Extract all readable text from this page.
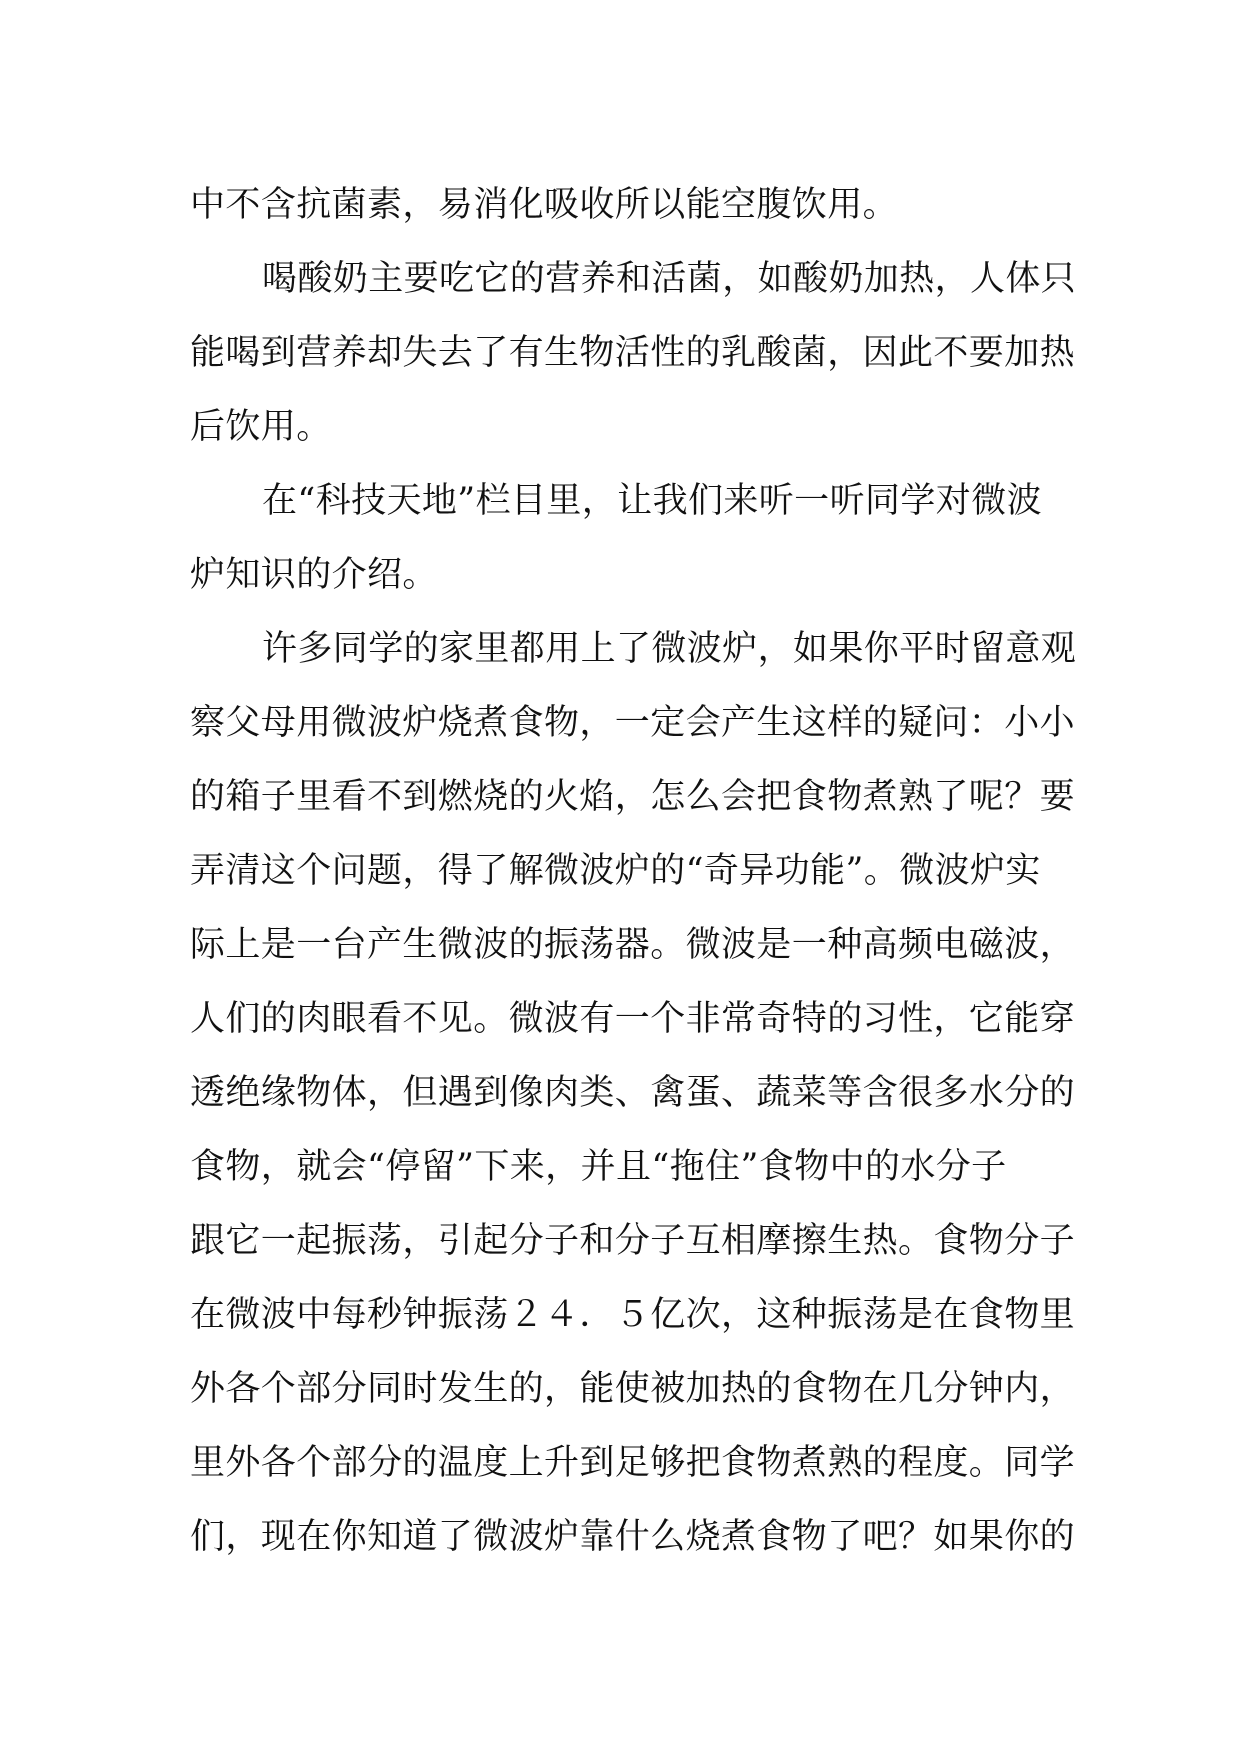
中不含抗菌素，易消化吸收所以能空腹饮用。
喝酸奶主要吃它的营养和活菌，如酸奶加热，人体只
能喝到营养却失去了有生物活性的乳酸菌，因此不要加热
后饮用。
在“科技天地”栏目里，让我们来听一听同学对微波
炉知识的介绍。
许多同学的家里都用上了微波炉，如果你平时留意观
察父母用微波炉烧煮食物，一定会产生这样的疑问：小小
的箱子里看不到燃烧的火焰，怎么会把食物煮熟了呢？要
弄清这个问题，得了解微波炉的“奇异功能”。微波炉实
际上是一台产生微波的振荡器。微波是一种高频电磁波，
人们的肉眼看不见。微波有一个非常奇特的习性，它能穿
透绝缘物体，但遇到像肉类、禽蛋、蔬菜等含很多水分的
食物，就会“停留”下来，并且“拖住”食物中的水分子
跟它一起振荡，引起分子和分子互相摩擦生热。食物分子
在微波中每秒钟振荡２４．５亿次，这种振荡是在食物里
外各个部分同时发生的，能使被加热的食物在几分钟内，
里外各个部分的温度上升到足够把食物煮熟的程度。同学
们，现在你知道了微波炉靠什么烧煮食物了吧？如果你的
